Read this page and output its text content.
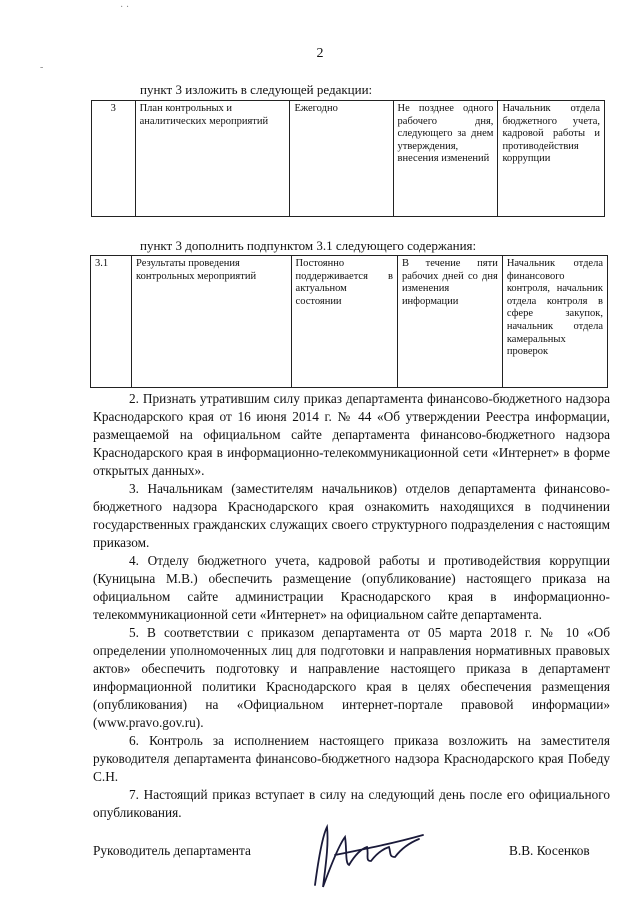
2
пункт 3 изложить в следующей редакции:
3	План контрольных и аналитических мероприятий	Ежегодно	Не позднее одного рабочего дня, следующего за днем утверждения, внесения изменений	Начальник отдела бюджетного учета, кадровой работы и противодействия коррупции
пункт 3 дополнить подпунктом 3.1 следующего содержания:
3.1	Результаты проведения контрольных мероприятий	Постоянно поддерживается в актуальном состоянии	В течение пяти рабочих дней со дня изменения информации	Начальник отдела финансового контроля, начальник отдела контроля в сфере закупок, начальник отдела камеральных проверок

2. Признать утратившим силу приказ департамента финансово-бюджетного надзора Краснодарского края от 16 июня 2014 г. № 44 «Об утверждении Реестра информации, размещаемой на официальном сайте департамента финансово-бюджетного надзора Краснодарского края в информационно-телекоммуникационной сети «Интернет» в форме открытых данных».

3. Начальникам (заместителям начальников) отделов департамента финансово-бюджетного надзора Краснодарского края ознакомить находящихся в подчинении государственных гражданских служащих своего структурного подразделения с настоящим приказом.

4. Отделу бюджетного учета, кадровой работы и противодействия коррупции (Куницына М.В.) обеспечить размещение (опубликование) настоящего приказа на официальном сайте администрации Краснодарского края в информационно-телекоммуникационной сети «Интернет» на официальном сайте департамента.

5. В соответствии с приказом департамента от 05 марта 2018 г. № 10 «Об определении уполномоченных лиц для подготовки и направления нормативных правовых актов» обеспечить подготовку и направление настоящего приказа в департамент информационной политики Краснодарского края в целях обеспечения размещения (опубликования) на «Официальном интернет-портале правовой информации» (www.pravo.gov.ru).

6. Контроль за исполнением настоящего приказа возложить на заместителя руководителя департамента финансово-бюджетного надзора Краснодарского края Победу С.Н.

7. Настоящий приказ вступает в силу на следующий день после его официального опубликования.

Руководитель департамента	В.В. Косенков
· ·
-
